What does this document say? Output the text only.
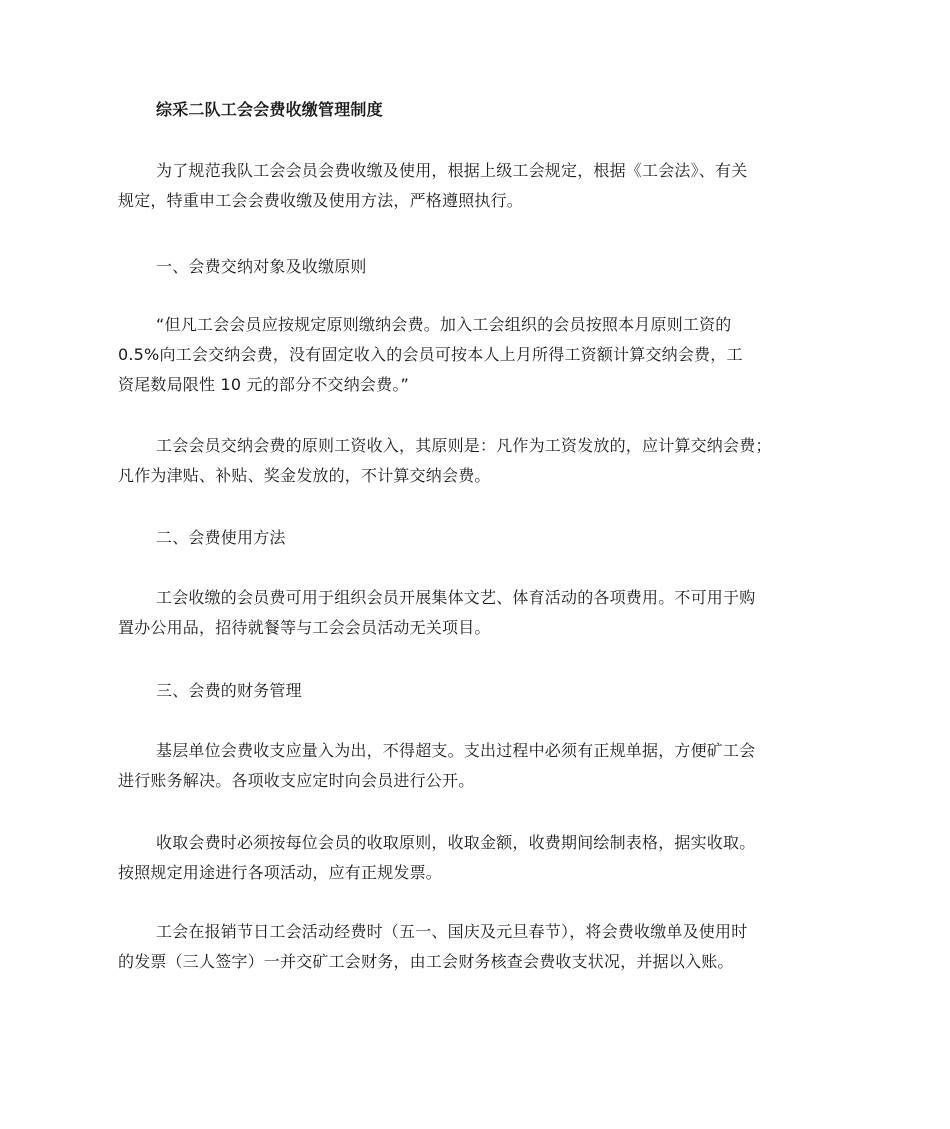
综采二队工会会费收缴管理制度
为了规范我队工会会员会费收缴及使用，根据上级工会规定，根据《工会法》、有关
规定，特重申工会会费收缴及使用方法，严格遵照执行。
一、会费交纳对象及收缴原则
“但凡工会会员应按规定原则缴纳会费。加入工会组织的会员按照本月原则工资的
0.5%向工会交纳会费，没有固定收入的会员可按本人上月所得工资额计算交纳会费，工
资尾数局限性 10 元的部分不交纳会费。”
工会会员交纳会费的原则工资收入，其原则是：凡作为工资发放的，应计算交纳会费；
凡作为津贴、补贴、奖金发放的，不计算交纳会费。
二、会费使用方法
工会收缴的会员费可用于组织会员开展集体文艺、体育活动的各项费用。不可用于购
置办公用品，招待就餐等与工会会员活动无关项目。
三、会费的财务管理
基层单位会费收支应量入为出，不得超支。支出过程中必须有正规单据，方便矿工会
进行账务解决。各项收支应定时向会员进行公开。
收取会费时必须按每位会员的收取原则，收取金额，收费期间绘制表格，据实收取。
按照规定用途进行各项活动，应有正规发票。
工会在报销节日工会活动经费时（五一、国庆及元旦春节），将会费收缴单及使用时
的发票（三人签字）一并交矿工会财务，由工会财务核查会费收支状况，并据以入账。
